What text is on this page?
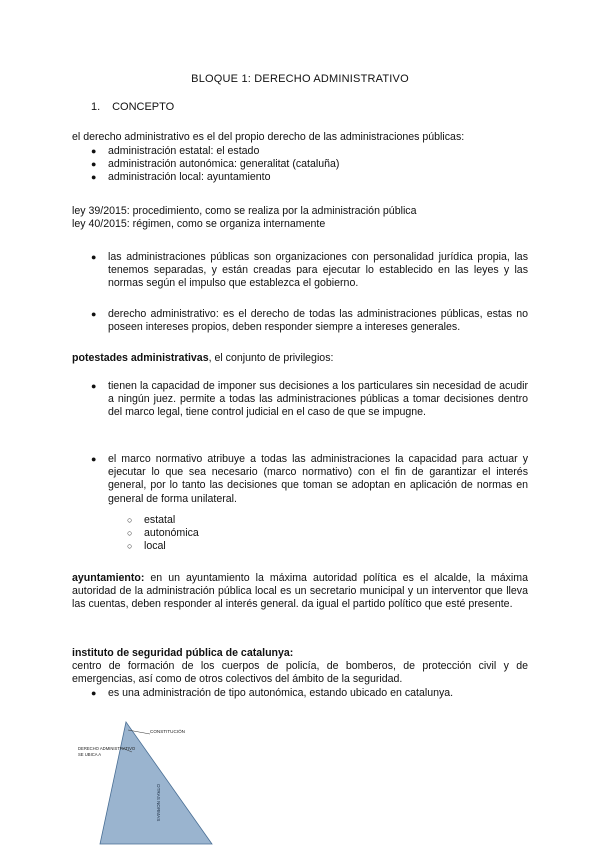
BLOQUE 1: DERECHO ADMINISTRATIVO
1. CONCEPTO
el derecho administrativo es el del propio derecho de las administraciones públicas:
● administración estatal: el estado
● administración autonómica: generalitat (cataluña)
● administración local: ayuntamiento
ley 39/2015: procedimiento, como se realiza por la administración pública
ley 40/2015: régimen, como se organiza internamente
● las administraciones públicas son organizaciones con personalidad jurídica propia, las tenemos separadas, y están creadas para ejecutar lo establecido en las leyes y las normas según el impulso que establezca el gobierno.
● derecho administrativo: es el derecho de todas las administraciones públicas, estas no poseen intereses propios, deben responder siempre a intereses generales.
potestades administrativas, el conjunto de privilegios:
● tienen la capacidad de imponer sus decisiones a los particulares sin necesidad de acudir a ningún juez. permite a todas las administraciones públicas a tomar decisiones dentro del marco legal, tiene control judicial en el caso de que se impugne.
● el marco normativo atribuye a todas las administraciones la capacidad para actuar y ejecutar lo que sea necesario (marco normativo) con el fin de garantizar el interés general, por lo tanto las decisiones que toman se adoptan en aplicación de normas en general de forma unilateral.
○ estatal
○ autonómica
○ local
ayuntamiento: en un ayuntamiento la máxima autoridad política es el alcalde, la máxima autoridad de la administración pública local es un secretario municipal y un interventor que lleva las cuentas, deben responder al interés general. da igual el partido político que esté presente.
instituto de seguridad pública de catalunya:
centro de formación de los cuerpos de policía, de bomberos, de protección civil y de emergencias, así como de otros colectivos del ámbito de la seguridad.
● es una administración de tipo autonómica, estando ubicado en catalunya.
CONSTITUCIÓN
DERECHO ADMINISTRATIVO
SE UBICA A
OTRAS NORMAS
